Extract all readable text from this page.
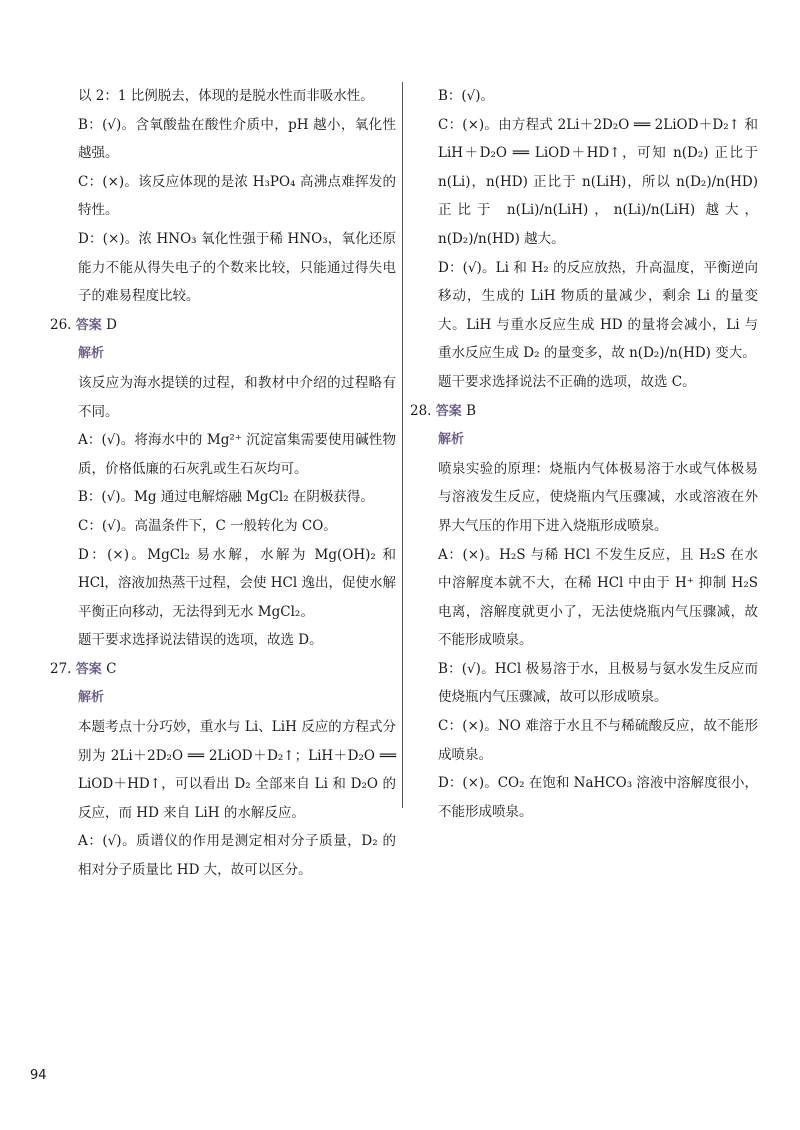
以 2：1 比例脱去，体现的是脱水性而非吸水性。

B：(√)。含氧酸盐在酸性介质中，pH 越小，氧化性越强。

C：(×)。该反应体现的是浓 H₃PO₄ 高沸点难挥发的特性。

D：(×)。浓 HNO₃ 氧化性强于稀 HNO₃，氧化还原能力不能从得失电子的个数来比较，只能通过得失电子的难易程度比较。

26. 答案 D

解析

该反应为海水提镁的过程，和教材中介绍的过程略有不同。

A：(√)。将海水中的 Mg²⁺ 沉淀富集需要使用碱性物质，价格低廉的石灰乳或生石灰均可。

B：(√)。Mg 通过电解熔融 MgCl₂ 在阴极获得。

C：(√)。高温条件下，C 一般转化为 CO。

D：(×)。MgCl₂ 易水解，水解为 Mg(OH)₂ 和 HCl，溶液加热蒸干过程，会使 HCl 逸出，促使水解平衡正向移动，无法得到无水 MgCl₂。

题干要求选择说法错误的选项，故选 D。

27. 答案 C

解析

本题考点十分巧妙，重水与 Li、LiH 反应的方程式分别为 2Li＋2D₂O ══ 2LiOD＋D₂↑；LiH＋D₂O ══ LiOD＋HD↑，可以看出 D₂ 全部来自 Li 和 D₂O 的反应，而 HD 来自 LiH 的水解反应。

A：(√)。质谱仪的作用是测定相对分子质量，D₂ 的相对分子质量比 HD 大，故可以区分。

B：(√)。

C：(×)。由方程式 2Li＋2D₂O ══ 2LiOD＋D₂↑ 和 LiH＋D₂O ══ LiOD＋HD↑，可知 n(D₂) 正比于 n(Li)，n(HD) 正比于 n(LiH)，所以 n(D₂)/n(HD) 正比于 n(Li)/n(LiH)，n(Li)/n(LiH) 越大，n(D₂)/n(HD) 越大。

D：(√)。Li 和 H₂ 的反应放热，升高温度，平衡逆向移动，生成的 LiH 物质的量减少，剩余 Li 的量变大。LiH 与重水反应生成 HD 的量将会减小，Li 与重水反应生成 D₂ 的量变多，故 n(D₂)/n(HD) 变大。

题干要求选择说法不正确的选项，故选 C。

28. 答案 B

解析

喷泉实验的原理：烧瓶内气体极易溶于水或气体极易与溶液发生反应，使烧瓶内气压骤减，水或溶液在外界大气压的作用下进入烧瓶形成喷泉。

A：(×)。H₂S 与稀 HCl 不发生反应，且 H₂S 在水中溶解度本就不大，在稀 HCl 中由于 H⁺ 抑制 H₂S 电离，溶解度就更小了，无法使烧瓶内气压骤减，故不能形成喷泉。

B：(√)。HCl 极易溶于水，且极易与氨水发生反应而使烧瓶内气压骤减，故可以形成喷泉。

C：(×)。NO 难溶于水且不与稀硫酸反应，故不能形成喷泉。

D：(×)。CO₂ 在饱和 NaHCO₃ 溶液中溶解度很小，不能形成喷泉。

94
